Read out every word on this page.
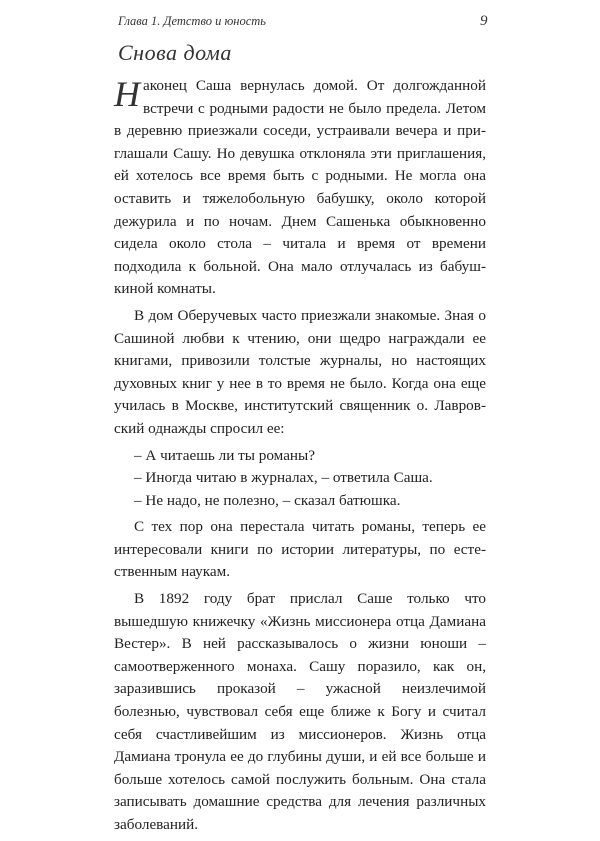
Глава 1. Детство и юность	9
Снова дома

Наконец Саша вернулась домой. От долгожданной встречи с родными радости не было предела. Летом в деревню приезжали соседи, устраивали вечера и приглашали Сашу. Но девушка отклоняла эти приглашения, ей хотелось все время быть с родными. Не могла она оставить и тяжелобольную бабушку, около которой дежурила и по ночам. Днем Сашенька обыкновенно сидела около стола – читала и время от времени подходила к больной. Она мало отлучалась из бабушкиной комнаты.

В дом Оберучевых часто приезжали знакомые. Зная о Сашиной любви к чтению, они щедро награждали ее книгами, привозили толстые журналы, но настоящих духовных книг у нее в то время не было. Когда она еще училась в Москве, институтский священник о. Лавровский однажды спросил ее:

– А читаешь ли ты романы?

– Иногда читаю в журналах, – ответила Саша.

– Не надо, не полезно, – сказал батюшка.

С тех пор она перестала читать романы, теперь ее интересовали книги по истории литературы, по естественным наукам.

В 1892 году брат прислал Саше только что вышедшую книжечку «Жизнь миссионера отца Дамиана Вестер». В ней рассказывалось о жизни юноши – самоотверженного монаха. Сашу поразило, как он, заразившись проказой – ужасной неизлечимой болезнью, чувствовал себя еще ближе к Богу и считал себя счастливейшим из миссионеров. Жизнь отца Дамиана тронула ее до глубины души, и ей все больше и больше хотелось самой послужить больным. Она стала записывать домашние средства для лечения различных заболеваний.
